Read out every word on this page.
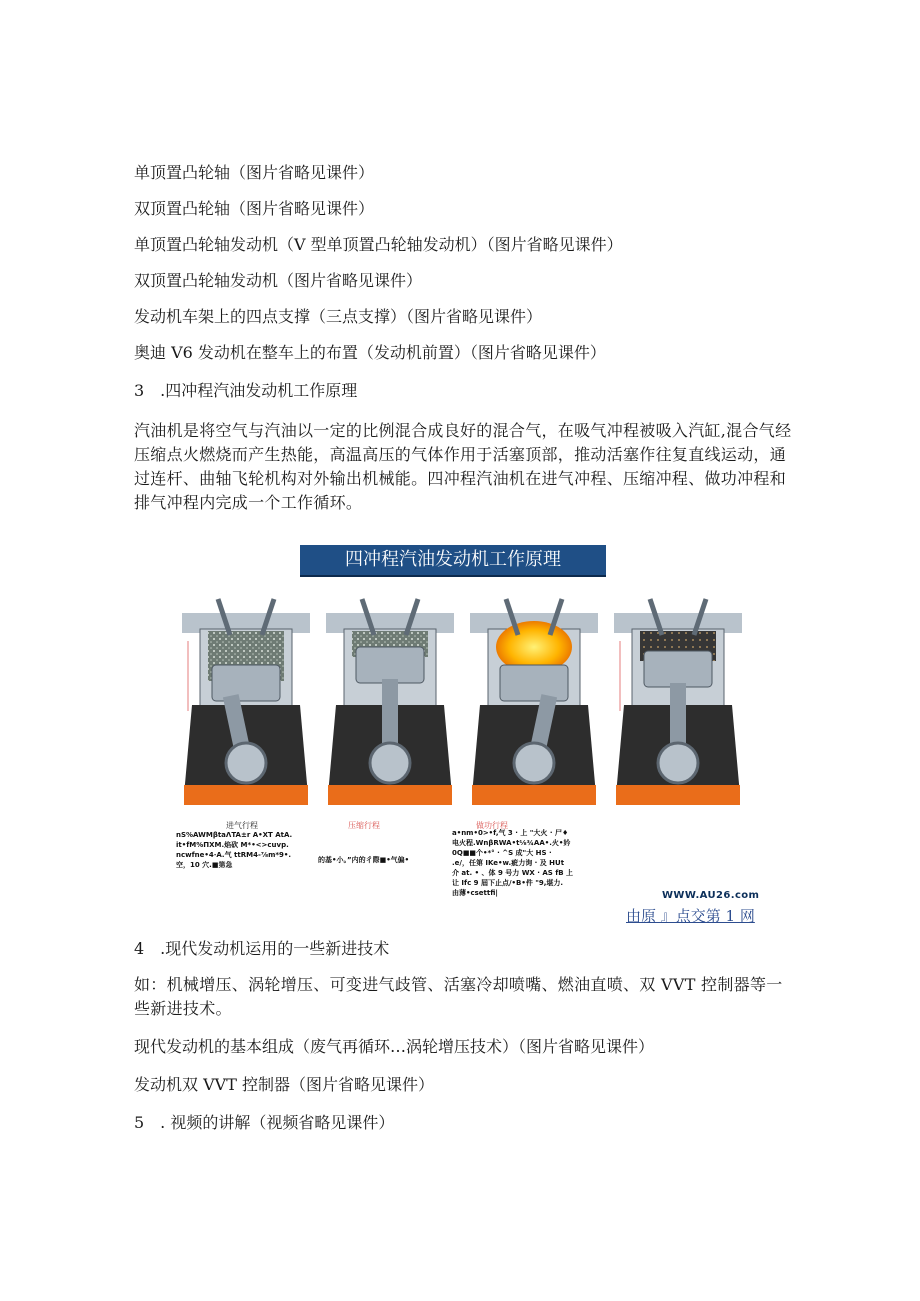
单顶置凸轮轴（图片省略见课件）
双顶置凸轮轴（图片省略见课件）
单顶置凸轮轴发动机（V 型单顶置凸轮轴发动机）（图片省略见课件）
双顶置凸轮轴发动机（图片省略见课件）
发动机车架上的四点支撑（三点支撑）（图片省略见课件）
奥迪 V6 发动机在整车上的布置（发动机前置）（图片省略见课件）
3　.四冲程汽油发动机工作原理
汽油机是将空气与汽油以一定的比例混合成良好的混合气，在吸气冲程被吸入汽缸,混合气经压缩点火燃烧而产生热能，高温高压的气体作用于活塞顶部，推动活塞作往复直线运动，通过连杆、曲轴飞轮机构对外输出机械能。四冲程汽油机在进气冲程、压缩冲程、做功冲程和排气冲程内完成一个工作循环。
四冲程汽油发动机工作原理
进气行程	压缩行程	做功行程
nS%AWMβtaΛTA±r A•XT AtA.
it•fM%ΠXM.焰砍 M*•<>cuvp.
ncwfne•4∙A.气 ttRM4-⅞m*9•.
空，10 穴.■第急
的基•小。”内的彳際■•气偏•
a•nm•0>•f,气 3 · 上 "大火 · 尸♦
电火程.WnβRWA•t⅛¾AA•.火•妗
0Q■■个•*° · ^S 成"大 HS ·
.e/，任第 IKe•w.疵力询 · 及 HUt
介 at. • 、体 9 号力 WX · AS fB 上
让 Ifc 9 屆下止点/•B•件 "9,堪力.
由薄•csettfi|	WWW.AU26.com
由原 』点交第 1 网
4　.现代发动机运用的一些新进技术
如：机械增压、涡轮增压、可变进气歧管、活塞冷却喷嘴、燃油直喷、双 VVT 控制器等一些新进技术。
现代发动机的基本组成（废气再循环…涡轮增压技术）（图片省略见课件）
发动机双 VVT 控制器（图片省略见课件）
5　. 视频的讲解（视频省略见课件）
